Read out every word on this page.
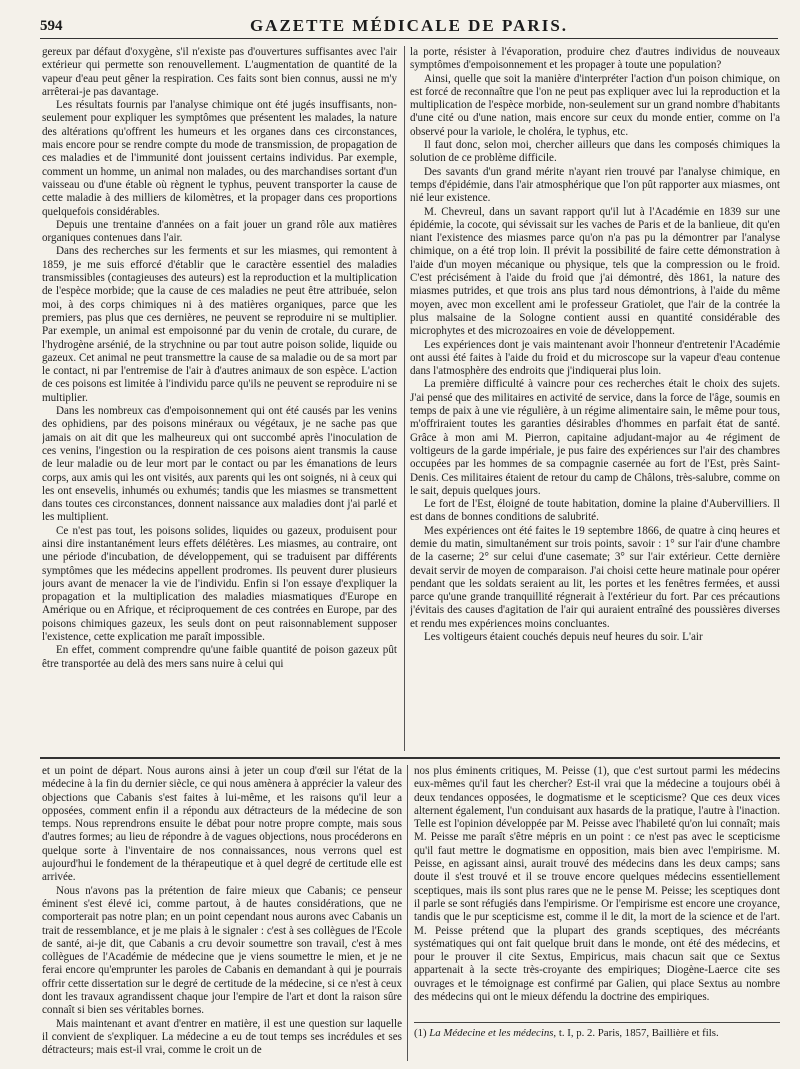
594	GAZETTE MÉDICALE DE PARIS.

gereux par défaut d'oxygène, s'il n'existe pas d'ouvertures suffisantes avec l'air extérieur qui permette son renouvellement. L'augmentation de quantité de la vapeur d'eau peut gêner la respiration. Ces faits sont bien connus, aussi ne m'y arrêterai-je pas davantage.

Les résultats fournis par l'analyse chimique ont été jugés insuffisants, non-seulement pour expliquer les symptômes que présentent les malades, la nature des altérations qu'offrent les humeurs et les organes dans ces circonstances, mais encore pour se rendre compte du mode de transmission, de propagation de ces maladies et de l'immunité dont jouissent certains individus. Par exemple, comment un homme, un animal non malades, ou des marchandises sortant d'un vaisseau ou d'une étable où règnent le typhus, peuvent transporter la cause de cette maladie à des milliers de kilomètres, et la propager dans ces proportions quelquefois considérables.

Depuis une trentaine d'années on a fait jouer un grand rôle aux matières organiques contenues dans l'air.

Dans des recherches sur les ferments et sur les miasmes, qui remontent à 1859, je me suis efforcé d'établir que le caractère essentiel des maladies transmissibles (contagieuses des auteurs) est la reproduction et la multiplication de l'espèce morbide; que la cause de ces maladies ne peut être attribuée, selon moi, à des corps chimiques ni à des matières organiques, parce que les premiers, pas plus que ces dernières, ne peuvent se reproduire ni se multiplier. Par exemple, un animal est empoisonné par du venin de crotale, du curare, de l'hydrogène arsénié, de la strychnine ou par tout autre poison solide, liquide ou gazeux. Cet animal ne peut transmettre la cause de sa maladie ou de sa mort par le contact, ni par l'entremise de l'air à d'autres animaux de son espèce. L'action de ces poisons est limitée à l'individu parce qu'ils ne peuvent se reproduire ni se multiplier.

Dans les nombreux cas d'empoisonnement qui ont été causés par les venins des ophidiens, par des poisons minéraux ou végétaux, je ne sache pas que jamais on ait dit que les malheureux qui ont succombé après l'inoculation de ces venins, l'ingestion ou la respiration de ces poisons aient transmis la cause de leur maladie ou de leur mort par le contact ou par les émanations de leurs corps, aux amis qui les ont visités, aux parents qui les ont soignés, ni à ceux qui les ont ensevelis, inhumés ou exhumés; tandis que les miasmes se transmettent dans toutes ces circonstances, donnent naissance aux maladies dont j'ai parlé et les multiplient.

Ce n'est pas tout, les poisons solides, liquides ou gazeux, produisent pour ainsi dire instantanément leurs effets délétères. Les miasmes, au contraire, ont une période d'incubation, de développement, qui se traduisent par différents symptômes que les médecins appellent prodromes. Ils peuvent durer plusieurs jours avant de menacer la vie de l'individu. Enfin si l'on essaye d'expliquer la propagation et la multiplication des maladies miasmatiques d'Europe en Amérique ou en Afrique, et réciproquement de ces contrées en Europe, par des poisons chimiques gazeux, les seuls dont on peut raisonnablement supposer l'existence, cette explication me paraît impossible.

En effet, comment comprendre qu'une faible quantité de poison gazeux pût être transportée au delà des mers sans nuire à celui qui

la porte, résister à l'évaporation, produire chez d'autres individus de nouveaux symptômes d'empoisonnement et les propager à toute une population?

Ainsi, quelle que soit la manière d'interpréter l'action d'un poison chimique, on est forcé de reconnaître que l'on ne peut pas expliquer avec lui la reproduction et la multiplication de l'espèce morbide, non-seulement sur un grand nombre d'habitants d'une cité ou d'une nation, mais encore sur ceux du monde entier, comme on l'a observé pour la variole, le choléra, le typhus, etc.

Il faut donc, selon moi, chercher ailleurs que dans les composés chimiques la solution de ce problème difficile.

Des savants d'un grand mérite n'ayant rien trouvé par l'analyse chimique, en temps d'épidémie, dans l'air atmosphérique que l'on pût rapporter aux miasmes, ont nié leur existence.

M. Chevreul, dans un savant rapport qu'il lut à l'Académie en 1839 sur une épidémie, la cocote, qui sévissait sur les vaches de Paris et de la banlieue, dit qu'en niant l'existence des miasmes parce qu'on n'a pas pu la démontrer par l'analyse chimique, on a été trop loin. Il prévit la possibilité de faire cette démonstration à l'aide d'un moyen mécanique ou physique, tels que la compression ou le froid. C'est précisément à l'aide du froid que j'ai démontré, dès 1861, la nature des miasmes putrides, et que trois ans plus tard nous démontrions, à l'aide du même moyen, avec mon excellent ami le professeur Gratiolet, que l'air de la contrée la plus malsaine de la Sologne contient aussi en quantité considérable des microphytes et des microzoaires en voie de développement.

Les expériences dont je vais maintenant avoir l'honneur d'entretenir l'Académie ont aussi été faites à l'aide du froid et du microscope sur la vapeur d'eau contenue dans l'atmosphère des endroits que j'indiquerai plus loin.

La première difficulté à vaincre pour ces recherches était le choix des sujets. J'ai pensé que des militaires en activité de service, dans la force de l'âge, soumis en temps de paix à une vie régulière, à un régime alimentaire sain, le même pour tous, m'offriraient toutes les garanties désirables d'hommes en parfait état de santé. Grâce à mon ami M. Pierron, capitaine adjudant-major au 4e régiment de voltigeurs de la garde impériale, je pus faire des expériences sur l'air des chambres occupées par les hommes de sa compagnie casernée au fort de l'Est, près Saint-Denis. Ces militaires étaient de retour du camp de Châlons, très-salubre, comme on le sait, depuis quelques jours.

Le fort de l'Est, éloigné de toute habitation, domine la plaine d'Aubervilliers. Il est dans de bonnes conditions de salubrité.

Mes expériences ont été faites le 19 septembre 1866, de quatre à cinq heures et demie du matin, simultanément sur trois points, savoir : 1° sur l'air d'une chambre de la caserne; 2° sur celui d'une casemate; 3° sur l'air extérieur. Cette dernière devait servir de moyen de comparaison. J'ai choisi cette heure matinale pour opérer pendant que les soldats seraient au lit, les portes et les fenêtres fermées, et aussi parce qu'une grande tranquillité régnerait à l'extérieur du fort. Par ces précautions j'évitais des causes d'agitation de l'air qui auraient entraîné des poussières diverses et rendu mes expériences moins concluantes.

Les voltigeurs étaient couchés depuis neuf heures du soir. L'air

et un point de départ. Nous aurons ainsi à jeter un coup d'œil sur l'état de la médecine à la fin du dernier siècle, ce qui nous amènera à apprécier la valeur des objections que Cabanis s'est faites à lui-même, et les raisons qu'il leur a opposées, comment enfin il a répondu aux détracteurs de la médecine de son temps. Nous reprendrons ensuite le débat pour notre propre compte, mais sous d'autres formes; au lieu de répondre à de vagues objections, nous procéderons en quelque sorte à l'inventaire de nos connaissances, nous verrons quel est aujourd'hui le fondement de la thérapeutique et à quel degré de certitude elle est arrivée.

Nous n'avons pas la prétention de faire mieux que Cabanis; ce penseur éminent s'est élevé ici, comme partout, à de hautes considérations, que ne comporterait pas notre plan; en un point cependant nous aurons avec Cabanis un trait de ressemblance, et je me plais à le signaler : c'est à ses collègues de l'Ecole de santé, ai-je dit, que Cabanis a cru devoir soumettre son travail, c'est à mes collègues de l'Académie de médecine que je viens soumettre le mien, et je ne ferai encore qu'emprunter les paroles de Cabanis en demandant à qui je pourrais offrir cette dissertation sur le degré de certitude de la médecine, si ce n'est à ceux dont les travaux agrandissent chaque jour l'empire de l'art et dont la raison sûre connaît si bien ses véritables bornes.

Mais maintenant et avant d'entrer en matière, il est une question sur laquelle il convient de s'expliquer. La médecine a eu de tout temps ses incrédules et ses détracteurs; mais est-il vrai, comme le croit un de

nos plus éminents critiques, M. Peisse (1), que c'est surtout parmi les médecins eux-mêmes qu'il faut les chercher? Est-il vrai que la médecine a toujours obéi à deux tendances opposées, le dogmatisme et le scepticisme? Que ces deux vices alternent également, l'un conduisant aux hasards de la pratique, l'autre à l'inaction. Telle est l'opinion développée par M. Peisse avec l'habileté qu'on lui connaît; mais M. Peisse me paraît s'être mépris en un point : ce n'est pas avec le scepticisme qu'il faut mettre le dogmatisme en opposition, mais bien avec l'empirisme. M. Peisse, en agissant ainsi, aurait trouvé des médecins dans les deux camps; sans doute il s'est trouvé et il se trouve encore quelques médecins essentiellement sceptiques, mais ils sont plus rares que ne le pense M. Peisse; les sceptiques dont il parle se sont réfugiés dans l'empirisme. Or l'empirisme est encore une croyance, tandis que le pur scepticisme est, comme il le dit, la mort de la science et de l'art. M. Peisse prétend que la plupart des grands sceptiques, des mécréants systématiques qui ont fait quelque bruit dans le monde, ont été des médecins, et pour le prouver il cite Sextus, Empiricus, mais chacun sait que ce Sextus appartenait à la secte très-croyante des empiriques; Diogène-Laerce cite ses ouvrages et le témoignage est confirmé par Galien, qui place Sextus au nombre des médecins qui ont le mieux défendu la doctrine des empiriques.

(1) La Médecine et les médecins, t. I, p. 2. Paris, 1857, Baillière et fils.
